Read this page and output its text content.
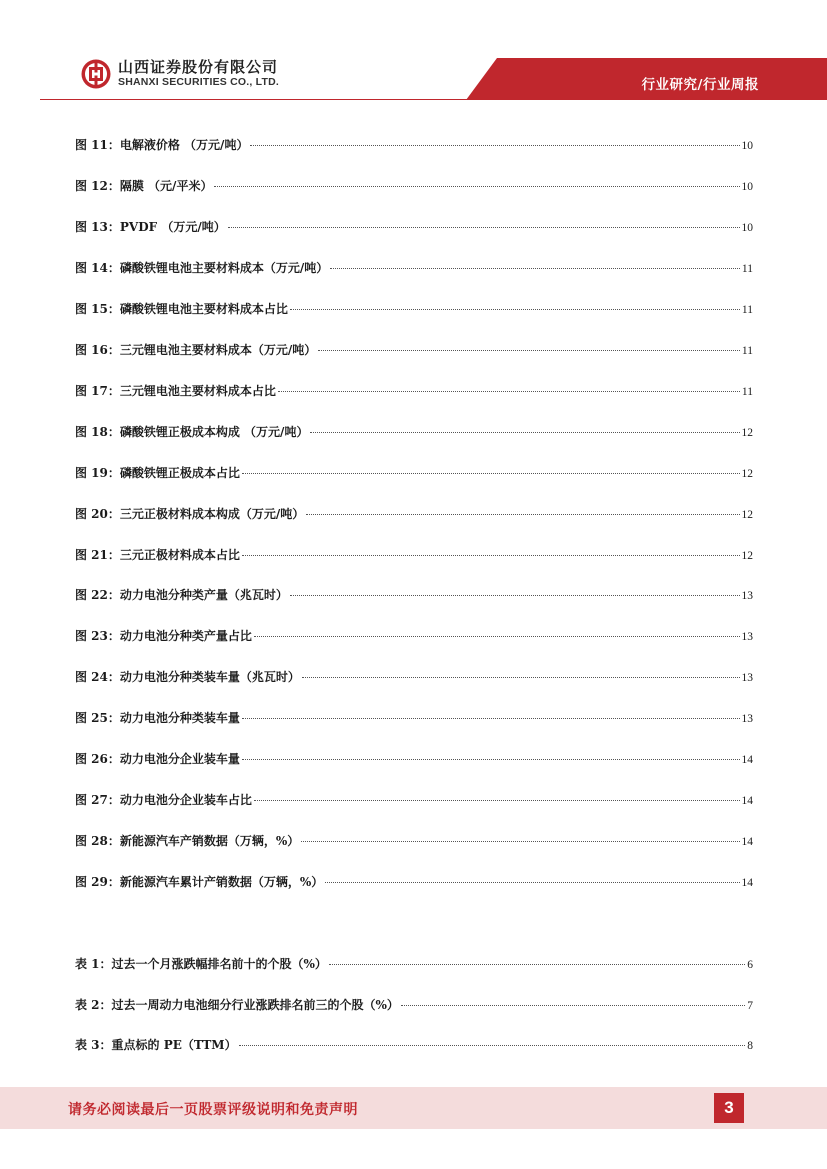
山西证券股份有限公司
SHANXI SECURITIES CO., LTD.	行业研究/行业周报
图 11：电解液价格 （万元/吨）	10
图 12：隔膜 （元/平米）	10
图 13：PVDF （万元/吨）	10
图 14：磷酸铁锂电池主要材料成本（万元/吨）	11
图 15：磷酸铁锂电池主要材料成本占比	11
图 16：三元锂电池主要材料成本（万元/吨）	11
图 17：三元锂电池主要材料成本占比	11
图 18：磷酸铁锂正极成本构成 （万元/吨）	12
图 19：磷酸铁锂正极成本占比	12
图 20：三元正极材料成本构成（万元/吨）	12
图 21：三元正极材料成本占比	12
图 22：动力电池分种类产量（兆瓦时）	13
图 23：动力电池分种类产量占比	13
图 24：动力电池分种类装车量（兆瓦时）	13
图 25：动力电池分种类装车量	13
图 26：动力电池分企业装车量	14
图 27：动力电池分企业装车占比	14
图 28：新能源汽车产销数据（万辆，%）	14
图 29：新能源汽车累计产销数据（万辆，%）	14
表 1：过去一个月涨跌幅排名前十的个股（%）	6
表 2：过去一周动力电池细分行业涨跌排名前三的个股（%）	7
表 3：重点标的 PE（TTM）	8
请务必阅读最后一页股票评级说明和免责声明	3
